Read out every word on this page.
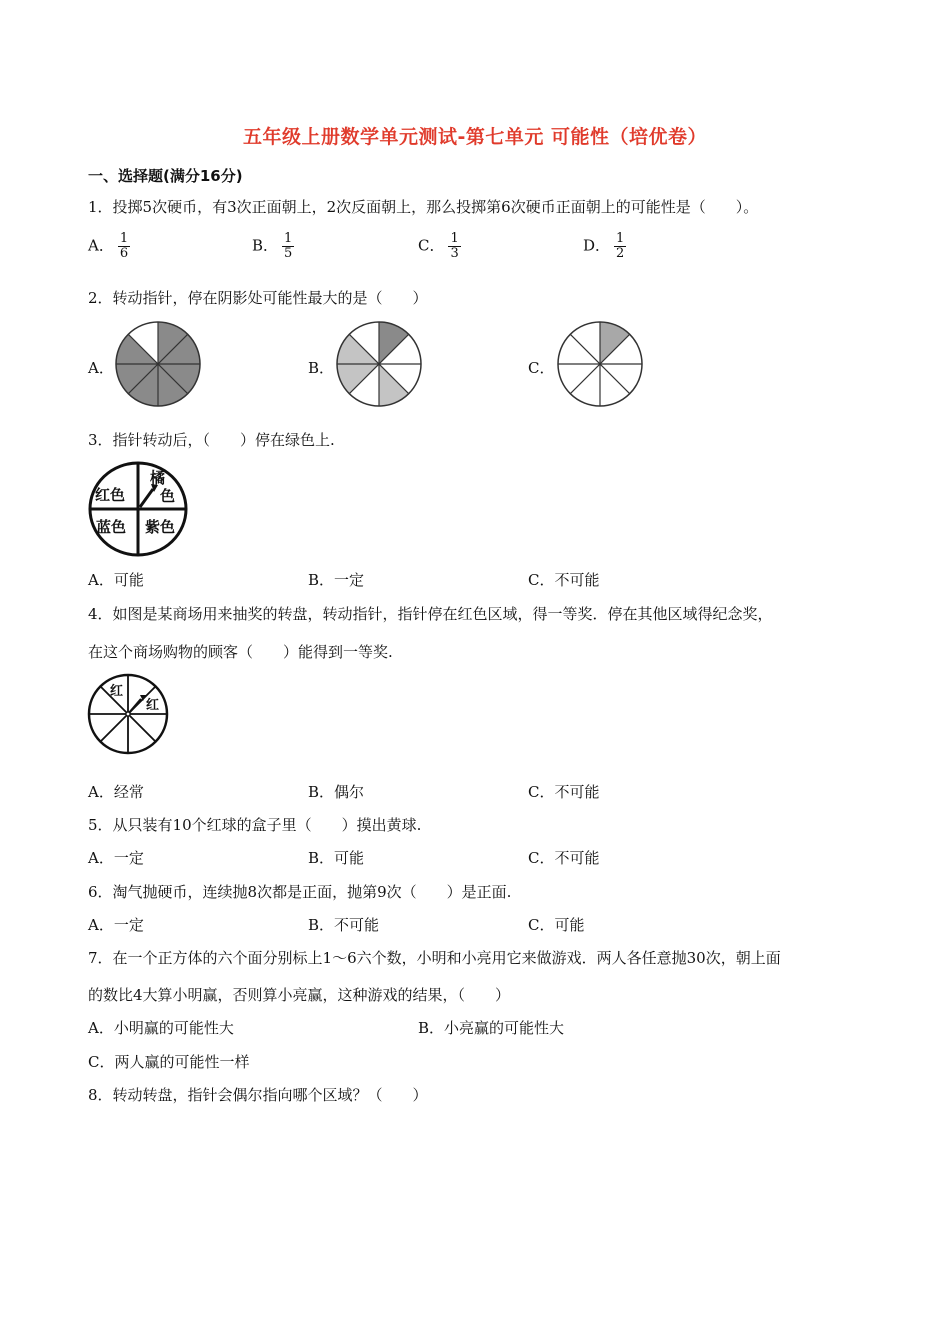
五年级上册数学单元测试-第七单元 可能性（培优卷）
一、选择题(满分16分)
1．投掷5次硬币，有3次正面朝上，2次反面朝上，那么投掷第6次硬币正面朝上的可能性是（　　）。
A． $\frac{1}{6}$	B． $\frac{1}{5}$	C． $\frac{1}{3}$	D． $\frac{1}{2}$
2．转动指针，停在阴影处可能性最大的是（　　）
A．	B．	C．
3．指针转动后，（　　）停在绿色上.
红色
橘
色
蓝色 紫色
A．可能	B．一定	C．不可能
4．如图是某商场用来抽奖的转盘，转动指针，指针停在红色区域，得一等奖．停在其他区域得纪念奖，
在这个商场购物的顾客（　　）能得到一等奖.
红
红
A．经常	B．偶尔	C．不可能
5．从只装有10个红球的盒子里（　　）摸出黄球.
A．一定	B．可能	C．不可能
6．淘气抛硬币，连续抛8次都是正面，抛第9次（　　）是正面.
A．一定	B．不可能	C．可能
7．在一个正方体的六个面分别标上1～6六个数，小明和小亮用它来做游戏．两人各任意抛30次，朝上面
的数比4大算小明赢，否则算小亮赢，这种游戏的结果，（　　）
A．小明赢的可能性大	B．小亮赢的可能性大
C．两人赢的可能性一样
8．转动转盘，指针会偶尔指向哪个区域？（　　）
